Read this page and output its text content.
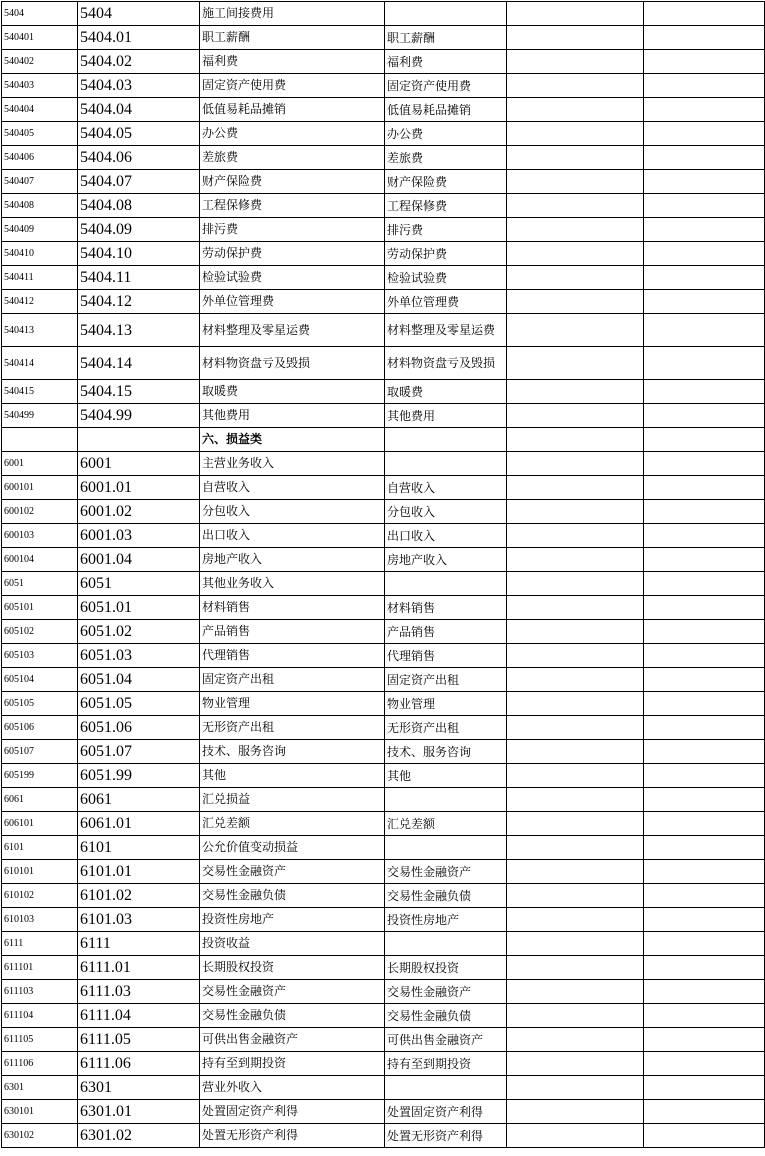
5404	5404	施工间接费用			
540401	5404.01	职工薪酬	职工薪酬		
540402	5404.02	福利费	福利费		
540403	5404.03	固定资产使用费	固定资产使用费		
540404	5404.04	低值易耗品摊销	低值易耗品摊销		
540405	5404.05	办公费	办公费		
540406	5404.06	差旅费	差旅费		
540407	5404.07	财产保险费	财产保险费		
540408	5404.08	工程保修费	工程保修费		
540409	5404.09	排污费	排污费		
540410	5404.10	劳动保护费	劳动保护费		
540411	5404.11	检验试验费	检验试验费		
540412	5404.12	外单位管理费	外单位管理费		
540413	5404.13	材料整理及零星运费	材料整理及零星运费		
540414	5404.14	材料物资盘亏及毁损	材料物资盘亏及毁损		
540415	5404.15	取暖费	取暖费		
540499	5404.99	其他费用	其他费用		
		六、损益类			
6001	6001	主营业务收入			
600101	6001.01	自营收入	自营收入		
600102	6001.02	分包收入	分包收入		
600103	6001.03	出口收入	出口收入		
600104	6001.04	房地产收入	房地产收入		
6051	6051	其他业务收入			
605101	6051.01	材料销售	材料销售		
605102	6051.02	产品销售	产品销售		
605103	6051.03	代理销售	代理销售		
605104	6051.04	固定资产出租	固定资产出租		
605105	6051.05	物业管理	物业管理		
605106	6051.06	无形资产出租	无形资产出租		
605107	6051.07	技术、服务咨询	技术、服务咨询		
605199	6051.99	其他	其他		
6061	6061	汇兑损益			
606101	6061.01	汇兑差额	汇兑差额		
6101	6101	公允价值变动损益			
610101	6101.01	交易性金融资产	交易性金融资产		
610102	6101.02	交易性金融负债	交易性金融负债		
610103	6101.03	投资性房地产	投资性房地产		
6111	6111	投资收益			
611101	6111.01	长期股权投资	长期股权投资		
611103	6111.03	交易性金融资产	交易性金融资产		
611104	6111.04	交易性金融负债	交易性金融负债		
611105	6111.05	可供出售金融资产	可供出售金融资产		
611106	6111.06	持有至到期投资	持有至到期投资		
6301	6301	营业外收入			
630101	6301.01	处置固定资产利得	处置固定资产利得		
630102	6301.02	处置无形资产利得	处置无形资产利得		
